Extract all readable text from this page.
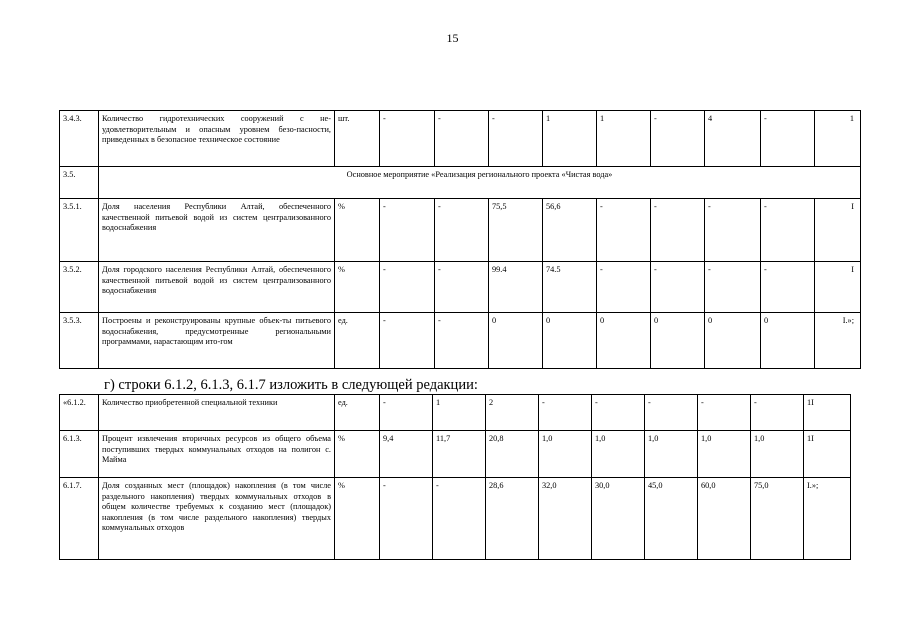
15
3.4.3.	Количество гидротехнических сооружений с не-удовлетворительным и опасным уровнем безо-пасности, приведенных в безопасное техническое состояние	шт.	-	-	-	1	1	-	4	-	1
3.5.	Основное мероприятие «Реализация регионального проекта «Чистая вода»										
3.5.1.	Доля населения Республики Алтай, обеспеченного качественной питьевой водой из систем централизованного водоснабжения	%	-	-	75,5	56,6	-	-	-	-	I
3.5.2.	Доля городского населения Республики Алтай, обеспеченного качественной питьевой водой из систем централизованного водоснабжения	%	-	-	99.4	74.5	-	-	-	-	I
3.5.3.	Построены и реконструированы крупные объек-ты питьевого водоснабжения, предусмотренные региональными программами, нарастающим ито-гом	ед.	-	-	0	0	0	0	0	0	I.»;
г) строки 6.1.2, 6.1.3, 6.1.7 изложить в следующей редакции:
«6.1.2.	Количество приобретенной специальной техники	ед.	-	1	2	-	-	-	-	-	1I
6.1.3.	Процент извлечения вторичных ресурсов из общего объема поступивших твердых коммунальных отходов на полигон с. Майма	%	9,4	11,7	20,8	1,0	1,0	1,0	1,0	1,0	1I
6.1.7.	Доля созданных мест (площадок) накопления (в том числе раздельного накопления) твердых коммунальных отходов в общем количестве требуемых к созданию мест (площадок) накопления (в том числе раздельного накопления) твердых коммунальных отходов	%	-	-	28,6	32,0	30,0	45,0	60,0	75,0	I.»;
